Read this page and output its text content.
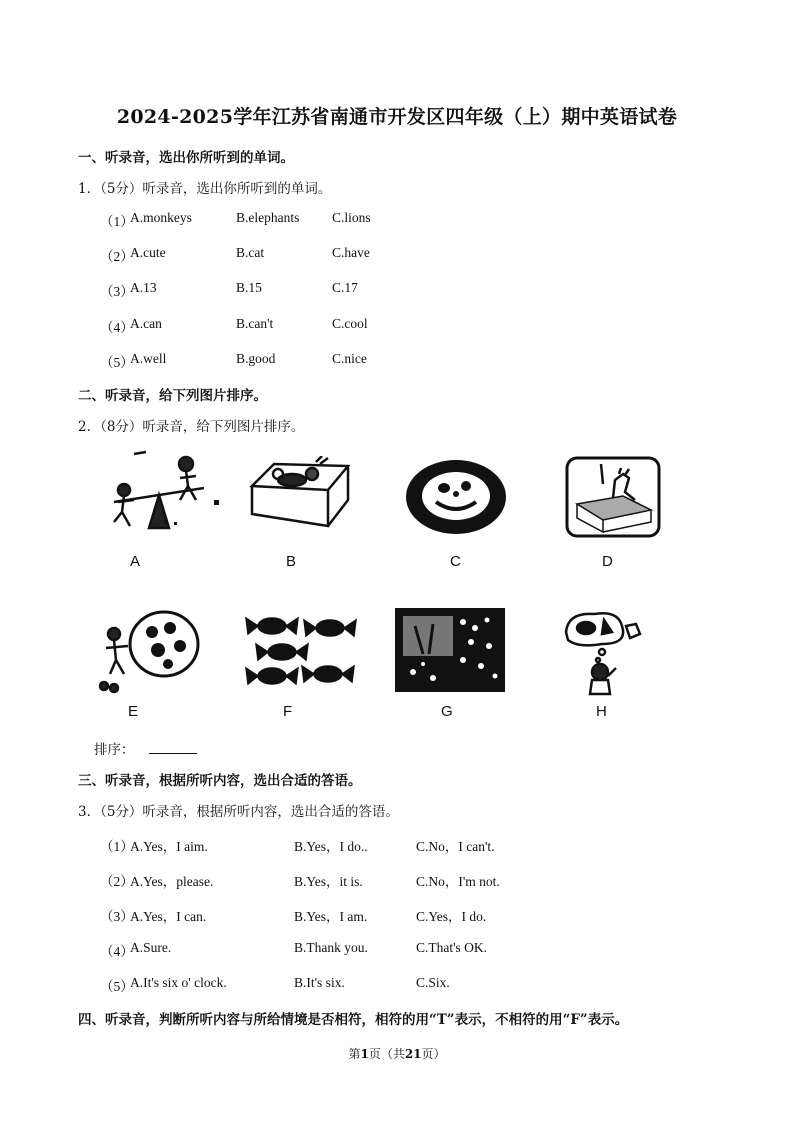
2024-2025学年江苏省南通市开发区四年级（上）期中英语试卷
一、听录音，选出你所听到的单词。
1．（5分）听录音，选出你所听到的单词。
（1）
A.monkeys	B.elephants C.lions
（2）
A.cute	B.cat	C.have
（3）
A.13	B.15	C.17
（4）
A.can	B.can't	C.cool
（5）
A.well	B.good	C.nice
二、听录音，给下列图片排序。
2．（8分）听录音，给下列图片排序。
A	B	C	D
E	F	G	H
排序：
三、听录音，根据所听内容，选出合适的答语。
3．（5分）听录音，根据所听内容，选出合适的答语。
（1）
A.Yes，I aim.	B.Yes，I do..	C.No，I can't.
（2）
A.Yes，please.	B.Yes，it is.	C.No，I'm not.
（3）
A.Yes，I can.	B.Yes，I am.	C.Yes，I do.
（4）
A.Sure.	B.Thank you.	C.That's OK.
（5）
A.It's six o' clock.	B.It's six.	C.Six.
四、听录音，判断所听内容与所给情境是否相符，相符的用“T”表示，不相符的用“F”表示。
第1页（共21页）
